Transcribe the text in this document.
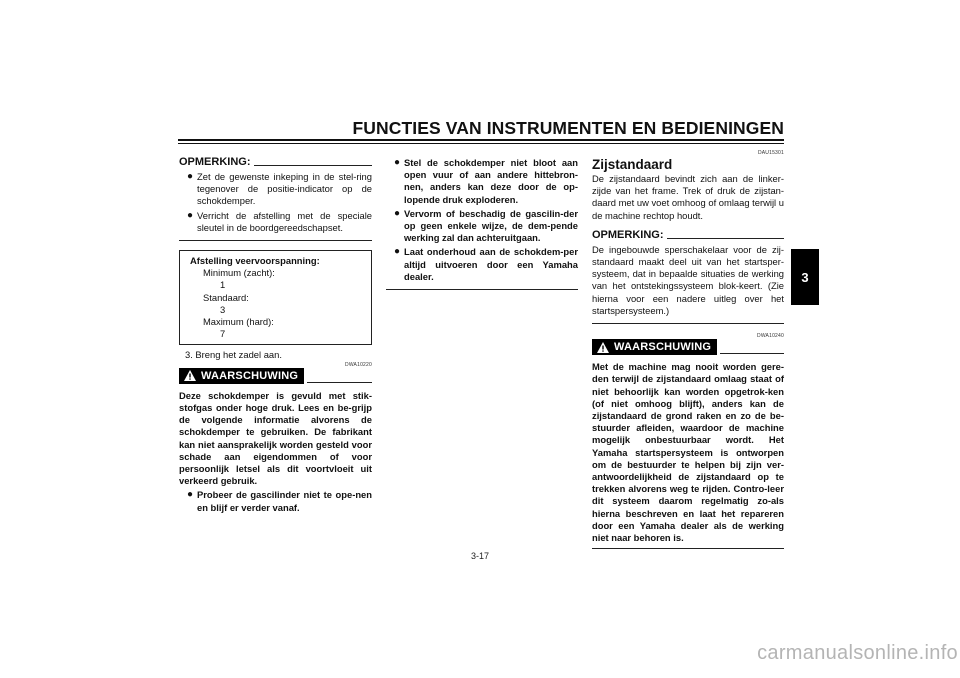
FUNCTIES VAN INSTRUMENTEN EN BEDIENINGEN
3
OPMERKING:
● Zet de gewenste inkeping in de stel-ring tegenover de positie-indicator op de schokdemper.
● Verricht de afstelling met de speciale sleutel in de boordgereedschapset.
Afstelling veervoorspanning:
Minimum (zacht):
1
Standaard:
3
Maximum (hard):
7
3. Breng het zadel aan.
DWA10220
WAARSCHUWING
Deze schokdemper is gevuld met stik-stofgas onder hoge druk. Lees en be-grijp de volgende informatie alvorens de schokdemper te gebruiken. De fabrikant kan niet aansprakelijk worden gesteld voor schade aan eigendommen of voor persoonlijk letsel als dit voortvloeit uit verkeerd gebruik.
● Probeer de gascilinder niet te ope-nen en blijf er verder vanaf.
● Stel de schokdemper niet bloot aan open vuur of aan andere hittebron-nen, anders kan deze door de op-lopende druk exploderen.
● Vervorm of beschadig de gascilin-der op geen enkele wijze, de dem-pende werking zal dan achteruitgaan.
● Laat onderhoud aan de schokdem-per altijd uitvoeren door een Yamaha dealer.
DAU15301
Zijstandaard
De zijstandaard bevindt zich aan de linker-zijde van het frame. Trek of druk de zijstan-daard met uw voet omhoog of omlaag terwijl u de machine rechtop houdt.
OPMERKING:
De ingebouwde sperschakelaar voor de zij-standaard maakt deel uit van het startsper-systeem, dat in bepaalde situaties de werking van het ontstekingssysteem blok-keert. (Zie hierna voor een nadere uitleg over het startspersysteem.)
DWA10240
WAARSCHUWING
Met de machine mag nooit worden gere-den terwijl de zijstandaard omlaag staat of niet behoorlijk kan worden opgetrok-ken (of niet omhoog blijft), anders kan de zijstandaard de grond raken en zo de be-stuurder afleiden, waardoor de machine mogelijk onbestuurbaar wordt. Het Yamaha startspersysteem is ontworpen om de bestuurder te helpen bij zijn ver-antwoordelijkheid de zijstandaard op te trekken alvorens weg te rijden. Contro-leer dit systeem daarom regelmatig zo-als hierna beschreven en laat het repareren door een Yamaha dealer als de werking niet naar behoren is.
3-17
carmanualsonline.info
